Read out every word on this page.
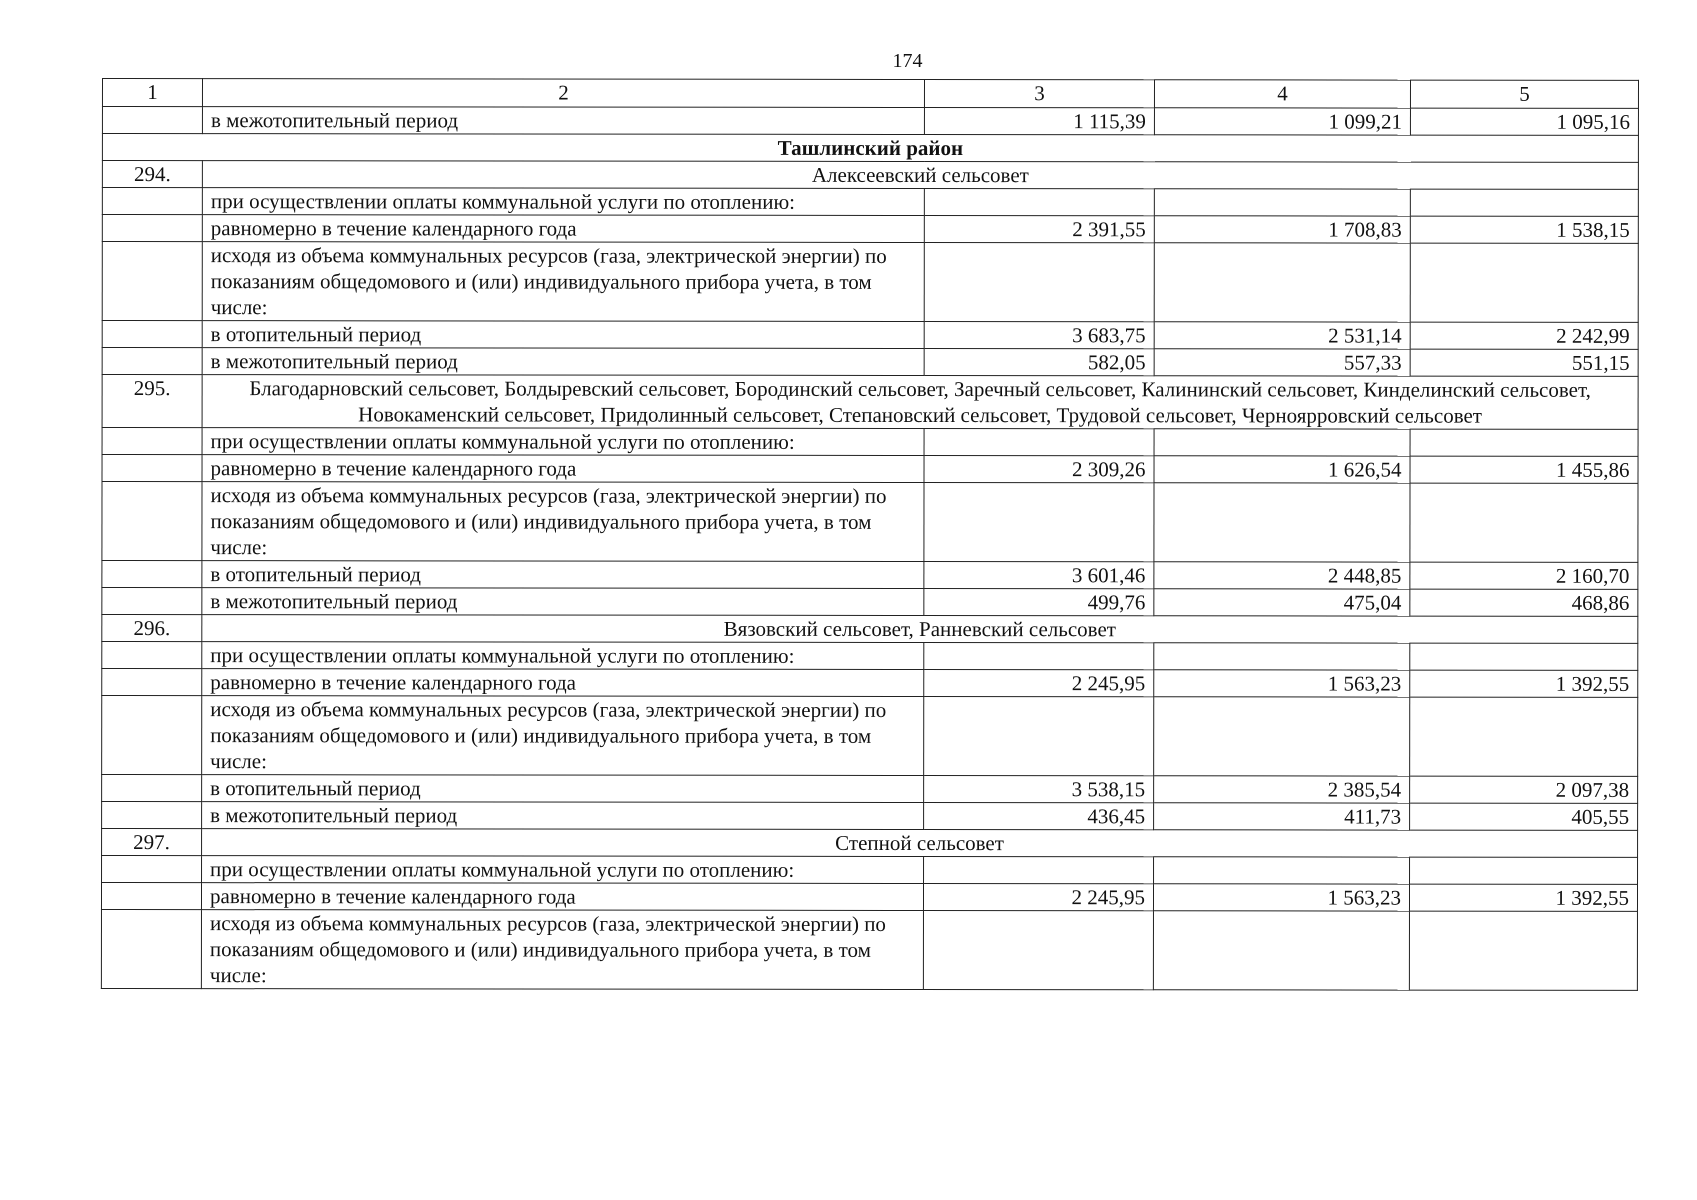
174
1	2	3	4	5
	в межотопительный период	1 115,39	1 099,21	1 095,16
Ташлинский район				
294.	Алексеевский сельсовет			
	при осуществлении оплаты коммунальной услуги по отоплению:			
	равномерно в течение календарного года	2 391,55	1 708,83	1 538,15
	исходя из объема коммунальных ресурсов (газа, электрической энергии) по показаниям общедомового и (или) индивидуального прибора учета, в том числе:			
	в отопительный период	3 683,75	2 531,14	2 242,99
	в межотопительный период	582,05	557,33	551,15
295.	Благодарновский сельсовет, Болдыревский сельсовет, Бородинский сельсовет, Заречный сельсовет, Калининский сельсовет, Кинделинский сельсовет, Новокаменский сельсовет, Придолинный сельсовет, Степановский сельсовет, Трудовой сельсовет, Черноярровский сельсовет			
	при осуществлении оплаты коммунальной услуги по отоплению:			
	равномерно в течение календарного года	2 309,26	1 626,54	1 455,86
	исходя из объема коммунальных ресурсов (газа, электрической энергии) по показаниям общедомового и (или) индивидуального прибора учета, в том числе:			
	в отопительный период	3 601,46	2 448,85	2 160,70
	в межотопительный период	499,76	475,04	468,86
296.	Вязовский сельсовет, Ранневский сельсовет			
	при осуществлении оплаты коммунальной услуги по отоплению:			
	равномерно в течение календарного года	2 245,95	1 563,23	1 392,55
	исходя из объема коммунальных ресурсов (газа, электрической энергии) по показаниям общедомового и (или) индивидуального прибора учета, в том числе:			
	в отопительный период	3 538,15	2 385,54	2 097,38
	в межотопительный период	436,45	411,73	405,55
297.	Степной сельсовет			
	при осуществлении оплаты коммунальной услуги по отоплению:			
	равномерно в течение календарного года	2 245,95	1 563,23	1 392,55
	исходя из объема коммунальных ресурсов (газа, электрической энергии) по показаниям общедомового и (или) индивидуального прибора учета, в том числе:			
